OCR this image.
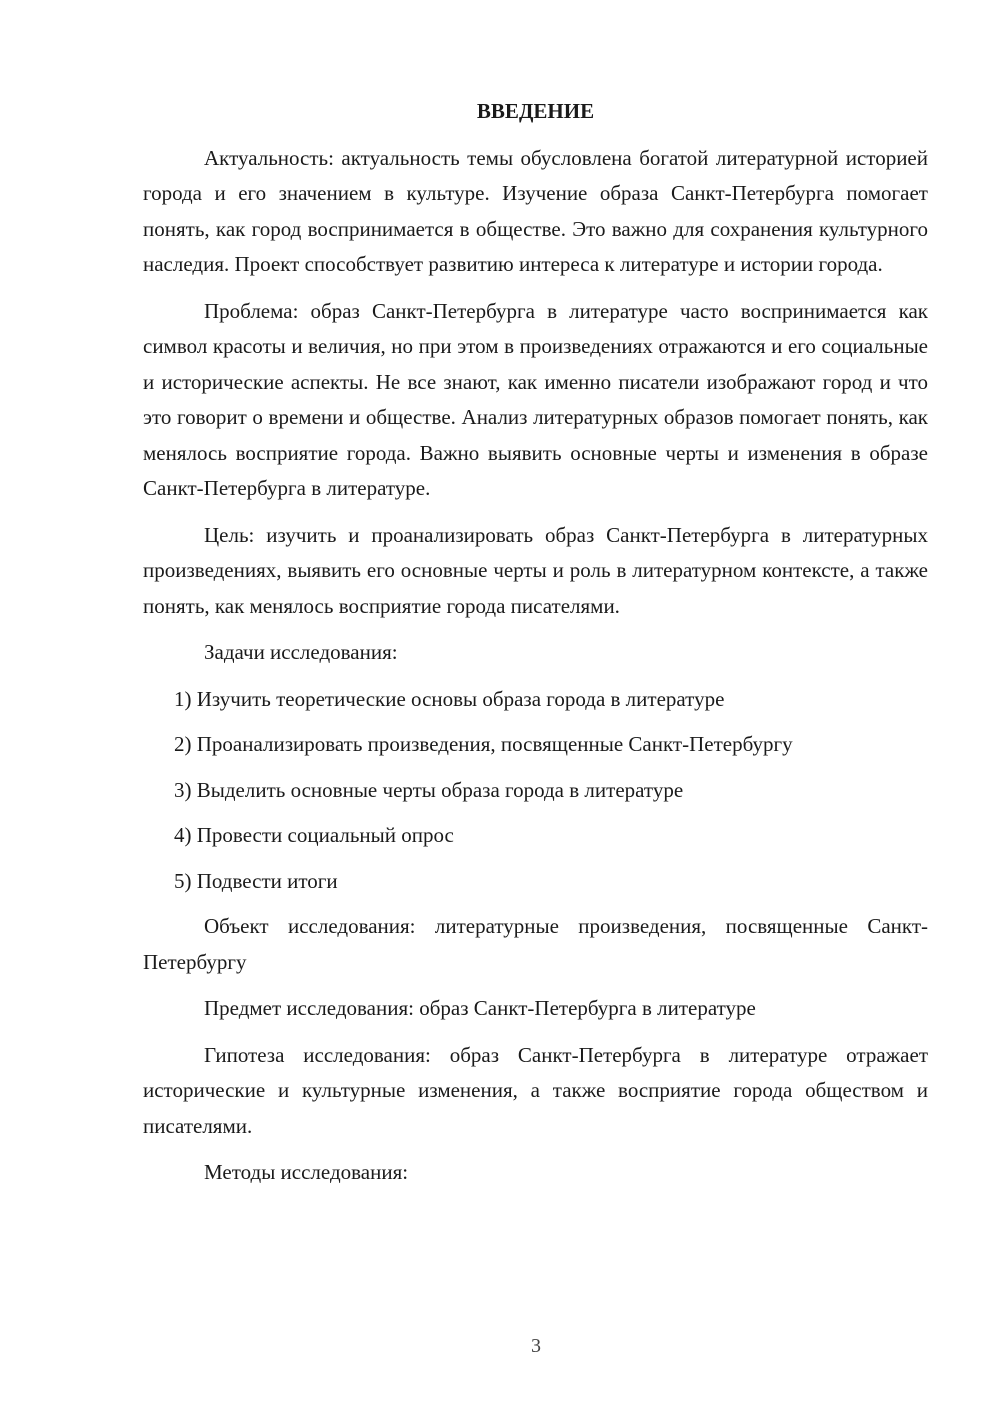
ВВЕДЕНИЕ

Актуальность: актуальность темы обусловлена богатой литературной историей города и его значением в культуре. Изучение образа Санкт-Петербурга помогает понять, как город воспринимается в обществе. Это важно для сохранения культурного наследия. Проект способствует развитию интереса к литературе и истории города.

Проблема: образ Санкт-Петербурга в литературе часто воспринимается как символ красоты и величия, но при этом в произведениях отражаются и его социальные и исторические аспекты. Не все знают, как именно писатели изображают город и что это говорит о времени и обществе. Анализ литературных образов помогает понять, как менялось восприятие города. Важно выявить основные черты и изменения в образе Санкт-Петербурга в литературе.

Цель: изучить и проанализировать образ Санкт-Петербурга в литературных произведениях, выявить его основные черты и роль в литературном контексте, а также понять, как менялось восприятие города писателями.

Задачи исследования:

1) Изучить теоретические основы образа города в литературе
2) Проанализировать произведения, посвященные Санкт-Петербургу
3) Выделить основные черты образа города в литературе
4) Провести социальный опрос
5) Подвести итоги

Объект исследования: литературные произведения, посвященные Санкт-Петербургу

Предмет исследования: образ Санкт-Петербурга в литературе

Гипотеза исследования: образ Санкт-Петербурга в литературе отражает исторические и культурные изменения, а также восприятие города обществом и писателями.

Методы исследования:

3
